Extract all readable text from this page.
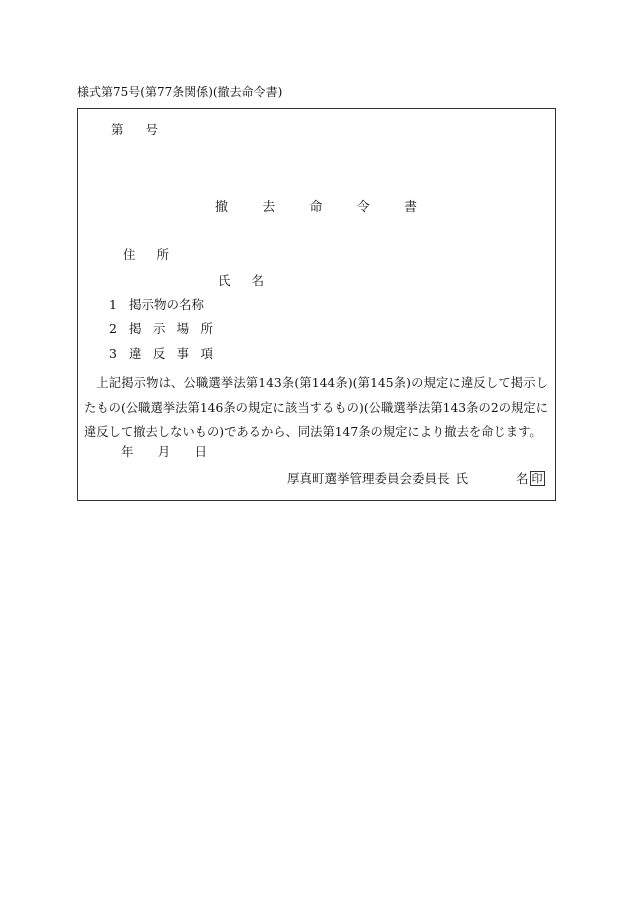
様式第75号(第77条関係)(撤去命令書)
第 号
撤	去	命	令	書
住 所
氏 名
1 掲示物の名称
2 掲 示 場 所
3 違 反 事 項
上記掲示物は、公職選挙法第143条(第144条)(第145条)の規定に違反して掲示したもの(公職選挙法第146条の規定に該当するもの)(公職選挙法第143条の2の規定に違反して撤去しないもの)であるから、同法第147条の規定により撤去を命じます。
年 月 日
厚真町選挙管理委員会委員長 氏	名 印
